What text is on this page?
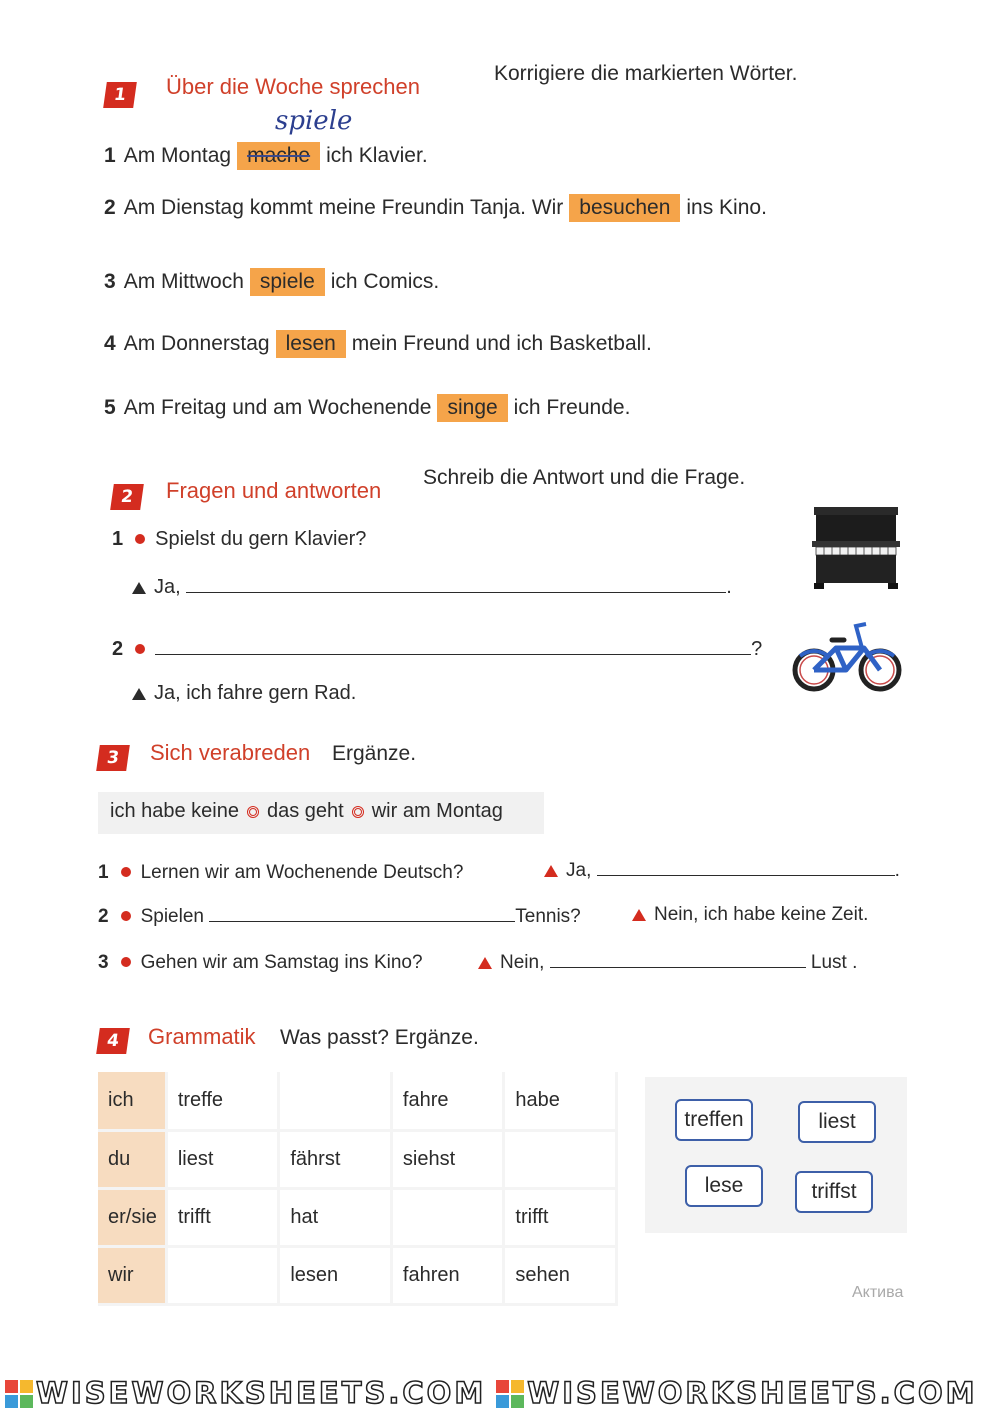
1	Über die Woche sprechen
Korrigiere die markierten Wörter.
spiele
1 Am Montag mache ich Klavier.
2 Am Dienstag kommt meine Freundin Tanja. Wir besuchen ins Kino.
3 Am Mittwoch spiele ich Comics.
4 Am Donnerstag lesen mein Freund und ich Basketball.
5 Am Freitag und am Wochenende singe ich Freunde.
2	Fragen und antworten
Schreib die Antwort und die Frage.
1 Spielst du gern Klavier?
Ja,	.
2	?
Ja, ich fahre gern Rad.
3	Sich verabreden Ergänze.
ich habe keine das geht wir am Montag
1 Lernen wir am Wochenende Deutsch?	Ja,	.
2 Spielen	Tennis?	Nein, ich habe keine Zeit.
3 Gehen wir am Samstag ins Kino?	Nein,	Lust .
4	Grammatik Was passt? Ergänze.
ich	treffe		fahre	habe
du	liest	fährst	siehst	
er/sie	trifft	hat		trifft
wir		lesen	fahren	sehen
treffen	liest
lese	triffst
Актива
WISEWORKSHEETS.COM WISEWORKSHEETS.COM
